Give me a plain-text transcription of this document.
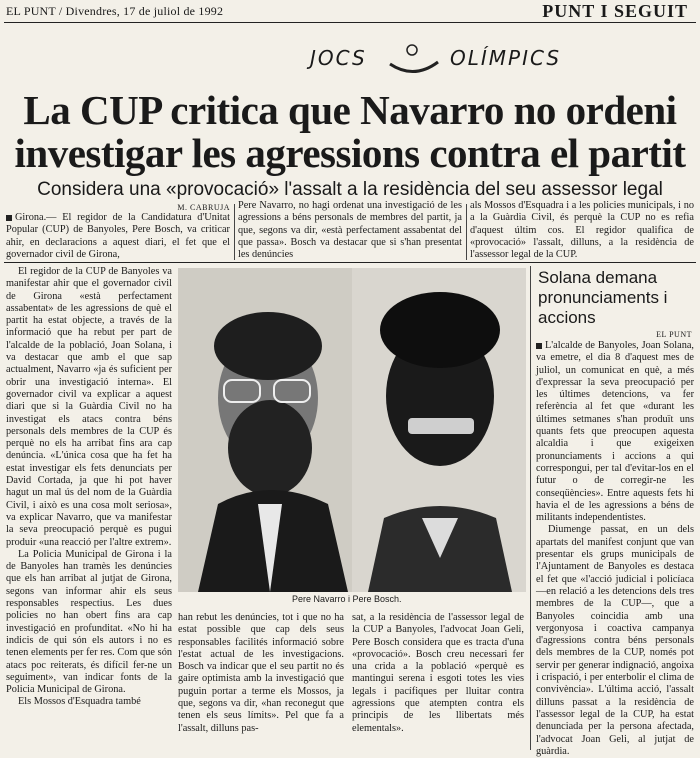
EL PUNT / Divendres, 17 de juliol de 1992	PUNT I SEGUIT
JOCS	OLÍMPICS
La CUP critica que Navarro no ordeni
investigar les agressions contra el partit
Considera una «provocació» l'assalt a la residència del seu assessor legal
M. CABRUJA
Girona.— El regidor de la Candidatura d'Unitat Popular (CUP) de Banyoles, Pere Bosch, va criticar ahir, en declaracions a aquest diari, el fet que el governador civil de Girona,
Pere Navarro, no hagi ordenat una investigació de les agressions a béns personals de membres del partit, ja que, segons va dir, «està perfectament assabentat del que passa». Bosch va destacar que si s'han presentat les denúncies
als Mossos d'Esquadra i a les policies municipals, i no a la Guàrdia Civil, és perquè la CUP no es refia d'aquest últim cos. El regidor qualifica de «provocació» l'assalt, dilluns, a la residència de l'assessor legal de la CUP.

El regidor de la CUP de Banyoles va manifestar ahir que el governador civil de Girona «està perfectament assabentat» de les agressions de què el partit ha estat objecte, a través de la informació que ha rebut per part de l'alcalde de la població, Joan Solana, i va destacar que amb el que sap actualment, Navarro «ja és suficient per obrir una investigació interna». El governador civil va explicar a aquest diari que si la Guàrdia Civil no ha investigat els atacs contra béns personals dels membres de la CUP és perquè no els ha arribat fins ara cap denúncia. «L'única cosa que ha fet ha estat investigar els fets denunciats per David Cortada, ja que hi pot haver hagut un mal ús del nom de la Guàrdia Civil, i això es una cosa molt seriosa», va explicar Navarro, que va manifestar la seva preocupació perquè es pugui produir «una reacció per l'altre extrem».

La Policia Municipal de Girona i la de Banyoles han tramès les denúncies que els han arribat al jutjat de Girona, segons van informar ahir els seus responsables respectius. Les dues policies no han obert fins ara cap investigació en profunditat. «No hi ha indicis de qui són els autors i no es tenen elements per fer res. Com que són atacs poc reiterats, és difícil fer-ne un seguiment», van indicar fonts de la Policia Municipal de Girona.

Els Mossos d'Esquadra també

Pere Navarro i Pere Bosch.
han rebut les denúncies, tot i que no ha estat possible que cap dels seus responsables facilités informació sobre l'estat actual de les investigacions. Bosch va indicar que el seu partit no és gaire optimista amb la investigació que puguin portar a terme els Mossos, ja que, segons va dir, «han reconegut que tenen els seus límits». Pel que fa a l'assalt, dilluns pas-
sat, a la residència de l'assessor legal de la CUP a Banyoles, l'advocat Joan Geli, Pere Bosch considera que es tracta d'una «provocació». Bosch creu necessari fer una crida a la població «perquè es mantingui serena i esgoti totes les vies legals i pacífiques per lluitar contra agressions que atempten contra els principis de les llibertats més elementals».
Solana demana
pronunciaments i
accions
EL PUNT

L'alcalde de Banyoles, Joan Solana, va emetre, el dia 8 d'aquest mes de juliol, un comunicat en què, a més d'expressar la seva preocupació per les últimes detencions, va fer referència al fet que «durant les últimes setmanes s'han produït uns quants fets que preocupen aquesta alcaldia i que exigeixen pronunciaments i accions a qui correspongui, per tal d'evitar-los en el futur o de corregir-ne les conseqüències». Entre aquests fets hi havia el de les agressions a béns de militants independentistes.

Diumenge passat, en un dels apartats del manifest conjunt que van presentar els grups municipals de l'Ajuntament de Banyoles es destaca el fet que «l'acció judicial i policíaca —en relació a les detencions dels tres membres de la CUP—, que a Banyoles coincidia amb una vergonyosa i coactiva campanya d'agressions contra béns personals dels membres de la CUP, només pot servir per generar indignació, angoixa i crispació, i per enterbolir el clima de convivència». L'última acció, l'assalt dilluns passat a la residència de l'assessor legal de la CUP, ha estat denunciada per la persona afectada, l'advocat Joan Geli, al jutjat de guàrdia.
